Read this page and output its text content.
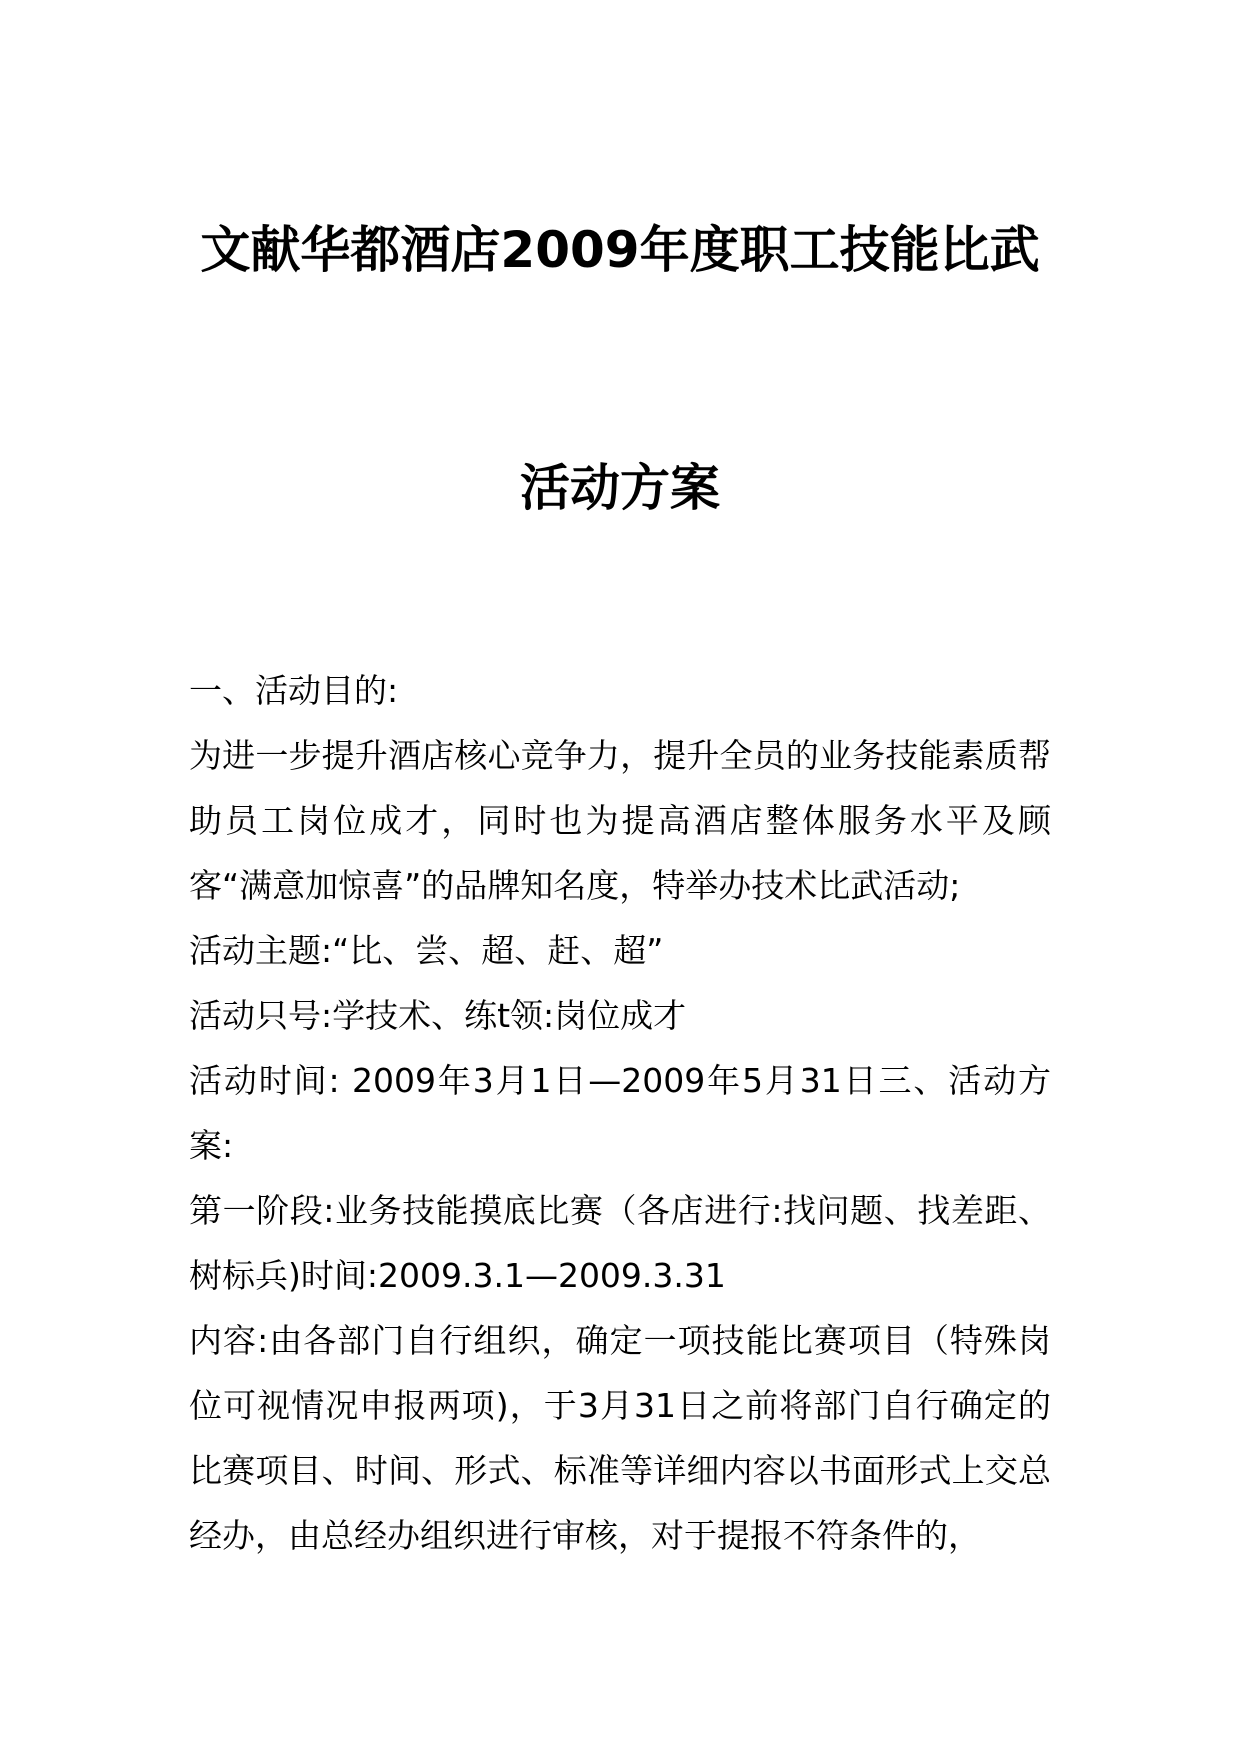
文献华都酒店2009年度职工技能比武
活动方案

一、活动目的:

为进一步提升酒店核心竞争力，提升全员的业务技能素质帮助员工岗位成才，同时也为提高酒店整体服务水平及顾客“满意加惊喜”的品牌知名度，特举办技术比武活动;

活动主题:“比、尝、超、赶、超”

活动只号:学技术、练t领:岗位成才

活动时间: 2009年3月1日—2009年5月31日三、活动方案:

第一阶段:业务技能摸底比赛（各店进行:找问题、找差距、树标兵)时间:2009.3.1—2009.3.31

内容:由各部门自行组织，确定一项技能比赛项目（特殊岗位可视情况申报两项)，于3月31日之前将部门自行确定的比赛项目、时间、形式、标准等详细内容以书面形式上交总经办，由总经办组织进行审核，对于提报不符条件的，
